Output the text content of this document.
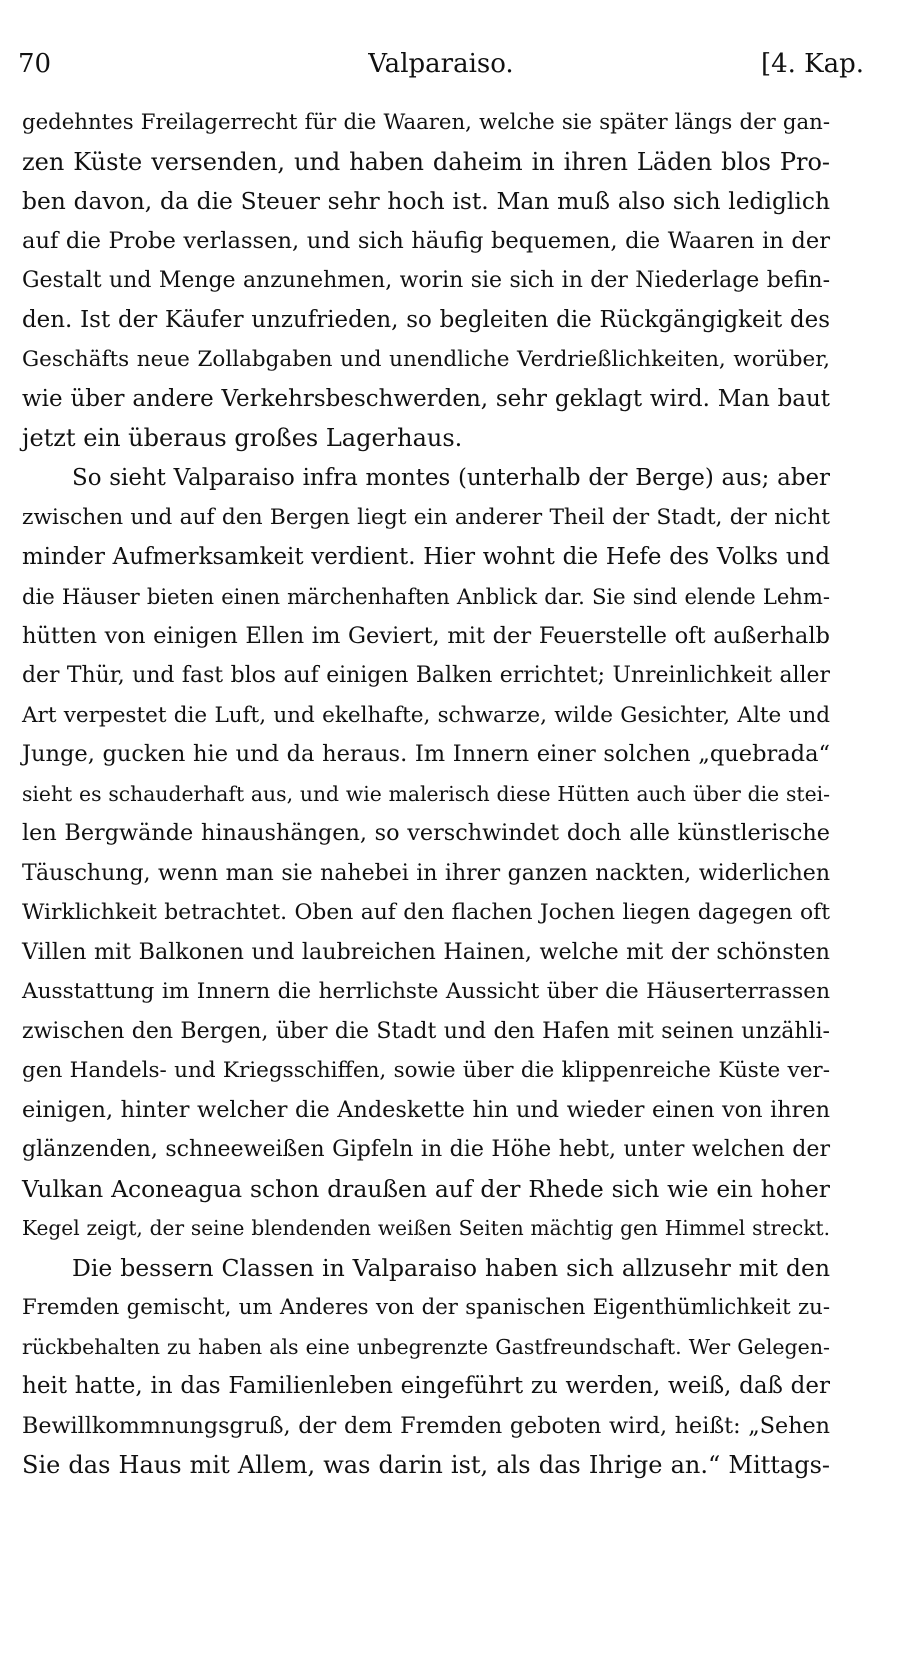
70	Valparaiso.	[4. Kap.
gedehntes Freilagerrecht für die Waaren, welche sie später längs der gan-
zen Küste versenden, und haben daheim in ihren Läden blos Pro-
ben davon, da die Steuer sehr hoch ist. Man muß also sich lediglich
auf die Probe verlassen, und sich häufig bequemen, die Waaren in der
Gestalt und Menge anzunehmen, worin sie sich in der Niederlage befin-
den. Ist der Käufer unzufrieden, so begleiten die Rückgängigkeit des
Geschäfts neue Zollabgaben und unendliche Verdrießlichkeiten, worüber,
wie über andere Verkehrsbeschwerden, sehr geklagt wird. Man baut
jetzt ein überaus großes Lagerhaus.
So sieht Valparaiso infra montes (unterhalb der Berge) aus; aber
zwischen und auf den Bergen liegt ein anderer Theil der Stadt, der nicht
minder Aufmerksamkeit verdient. Hier wohnt die Hefe des Volks und
die Häuser bieten einen märchenhaften Anblick dar. Sie sind elende Lehm-
hütten von einigen Ellen im Geviert, mit der Feuerstelle oft außerhalb
der Thür, und fast blos auf einigen Balken errichtet; Unreinlichkeit aller
Art verpestet die Luft, und ekelhafte, schwarze, wilde Gesichter, Alte und
Junge, gucken hie und da heraus. Im Innern einer solchen „quebrada“
sieht es schauderhaft aus, und wie malerisch diese Hütten auch über die stei-
len Bergwände hinaushängen, so verschwindet doch alle künstlerische
Täuschung, wenn man sie nahebei in ihrer ganzen nackten, widerlichen
Wirklichkeit betrachtet. Oben auf den flachen Jochen liegen dagegen oft
Villen mit Balkonen und laubreichen Hainen, welche mit der schönsten
Ausstattung im Innern die herrlichste Aussicht über die Häuserterrassen
zwischen den Bergen, über die Stadt und den Hafen mit seinen unzähli-
gen Handels- und Kriegsschiffen, sowie über die klippenreiche Küste ver-
einigen, hinter welcher die Andeskette hin und wieder einen von ihren
glänzenden, schneeweißen Gipfeln in die Höhe hebt, unter welchen der
Vulkan Aconeagua schon draußen auf der Rhede sich wie ein hoher
Kegel zeigt, der seine blendenden weißen Seiten mächtig gen Himmel streckt.
Die bessern Classen in Valparaiso haben sich allzusehr mit den
Fremden gemischt, um Anderes von der spanischen Eigenthümlichkeit zu-
rückbehalten zu haben als eine unbegrenzte Gastfreundschaft. Wer Gelegen-
heit hatte, in das Familienleben eingeführt zu werden, weiß, daß der
Bewillkommnungsgruß, der dem Fremden geboten wird, heißt: „Sehen
Sie das Haus mit Allem, was darin ist, als das Ihrige an.“ Mittags-
